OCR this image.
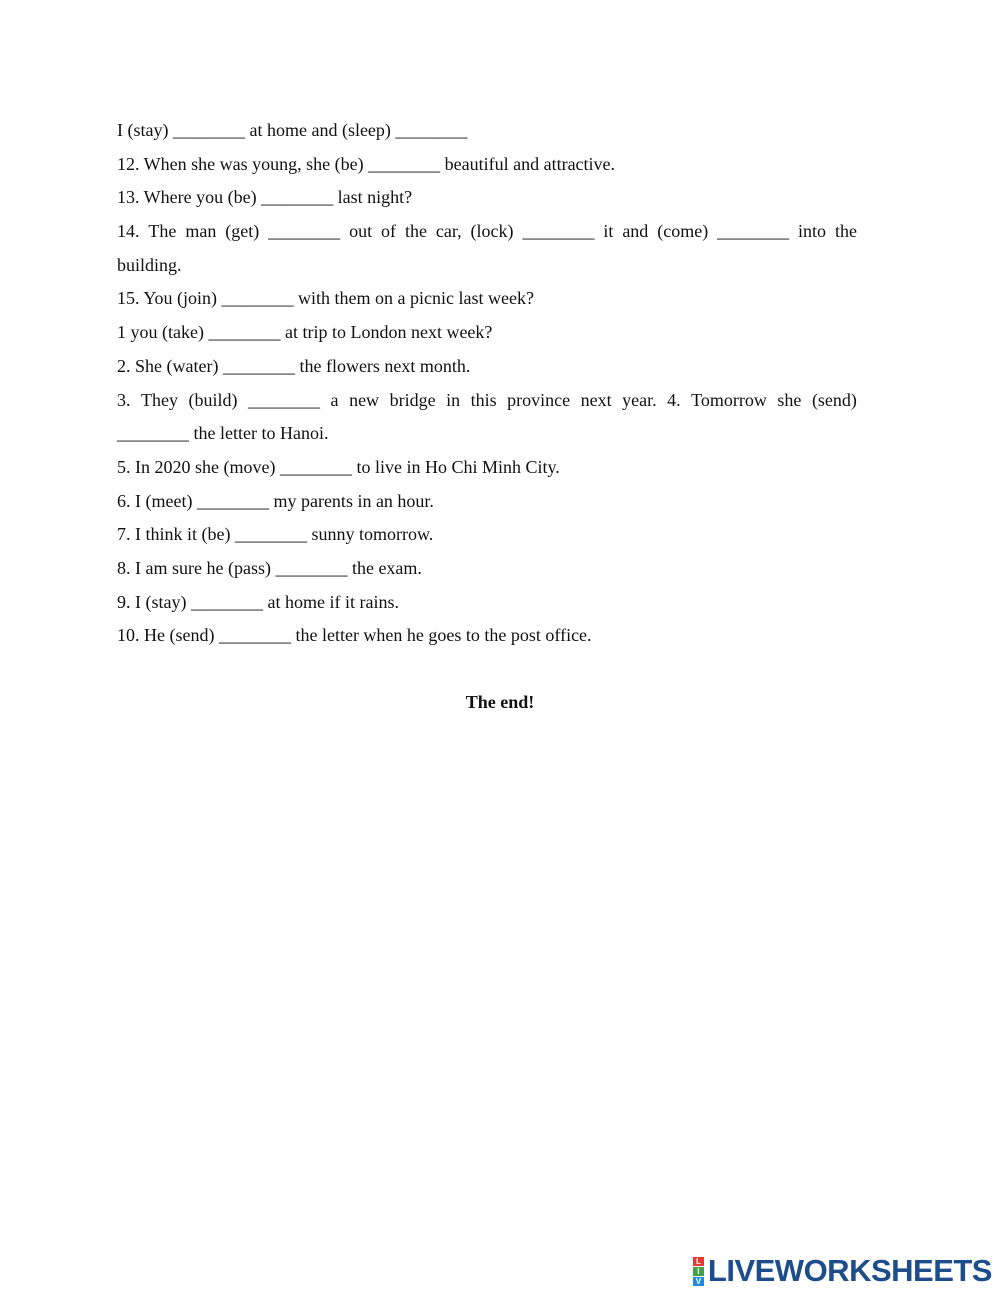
I (stay) ________ at home and (sleep) ________

12. When she was young, she (be) ________ beautiful and attractive.

13. Where you (be) ________ last night?

14. The man (get) ________ out of the car, (lock) ________ it and (come) ________ into the

building.

15. You (join) ________ with them on a picnic last week?

1 you (take) ________ at trip to London next week?

2. She (water) ________ the flowers next month.

3. They (build) ________ a new bridge in this province next year. 4. Tomorrow she (send)

________ the letter to Hanoi.

5. In 2020 she (move) ________ to live in Ho Chi Minh City.

6. I (meet) ________ my parents in an hour.

7. I think it (be) ________ sunny tomorrow.

8. I am sure he (pass) ________ the exam.

9. I (stay) ________ at home if it rains.

10. He (send) ________ the letter when he goes to the post office.

The end!
L
I
V LIVEWORKSHEETS
